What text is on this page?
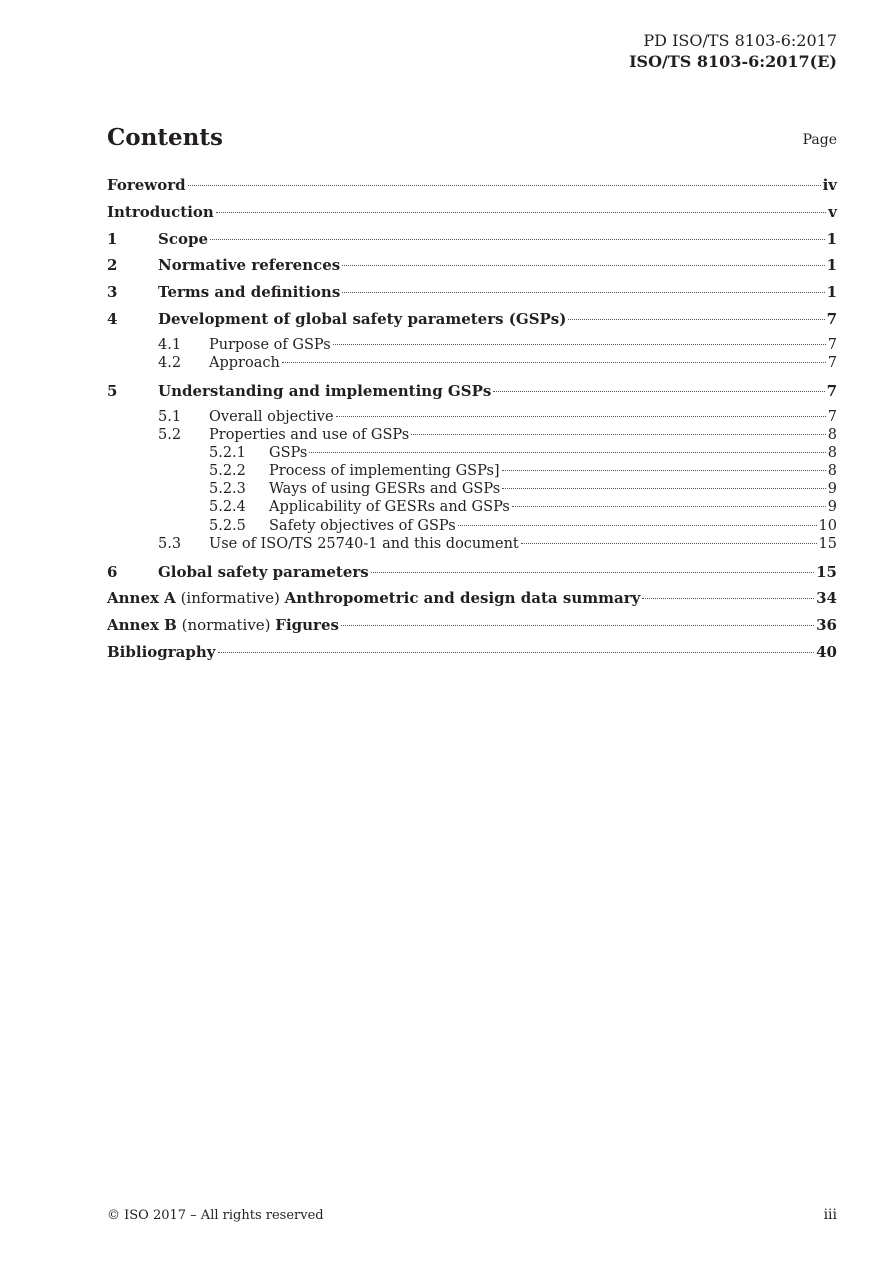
PD ISO/TS 8103-6:2017
ISO/TS 8103-6:2017(E)
Contents	Page
Foreword	iv
Introduction	v
1	Scope	1
2	Normative references	1
3	Terms and definitions	1
4	Development of global safety parameters (GSPs)	7
4.1	Purpose of GSPs	7
4.2	Approach	7
5	Understanding and implementing GSPs	7
5.1	Overall objective	7
5.2	Properties and use of GSPs	8
5.2.1	GSPs	8
5.2.2	Process of implementing GSPs]	8
5.2.3	Ways of using GESRs and GSPs	9
5.2.4	Applicability of GESRs and GSPs	9
5.2.5	Safety objectives of GSPs	10
5.3	Use of ISO/TS 25740-1 and this document	15
6	Global safety parameters	15
Annex A (informative) Anthropometric and design data summary	34
Annex B (normative) Figures	36
Bibliography	40
© ISO 2017 – All rights reserved	iii
